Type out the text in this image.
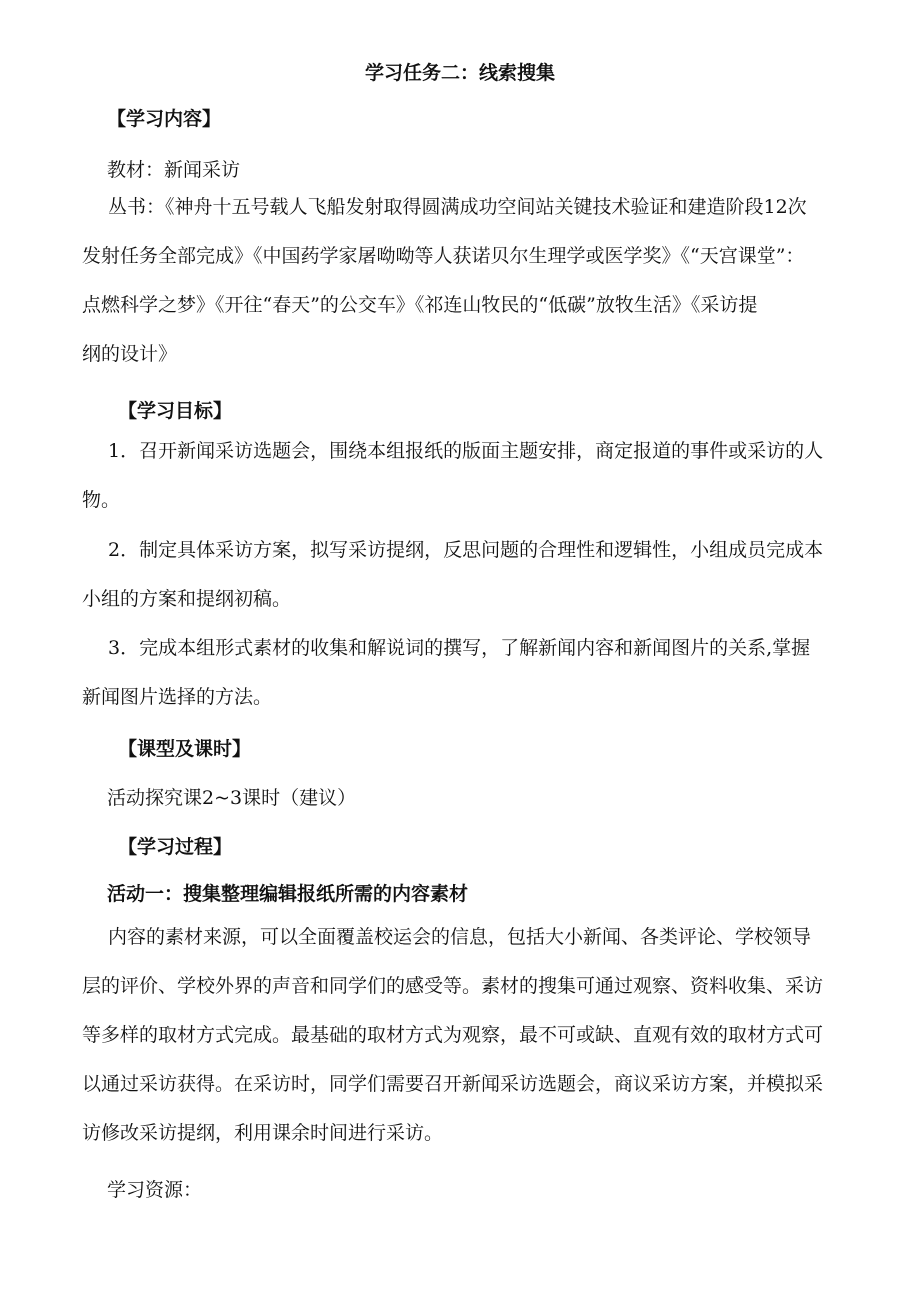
学习任务二：线索搜集
【学习内容】
教材：新闻采访
丛书：《神舟十五号载人飞船发射取得圆满成功空间站关键技术验证和建造阶段12次
发射任务全部完成》《中国药学家屠呦呦等人获诺贝尔生理学或医学奖》《“天宫课堂”：
点燃科学之梦》《开往“春天”的公交车》《祁连山牧民的“低碳”放牧生活》《采访提
纲的设计》
【学习目标】
1．召开新闻采访选题会，围绕本组报纸的版面主题安排，商定报道的事件或采访的人
物。
2．制定具体采访方案，拟写采访提纲，反思问题的合理性和逻辑性，小组成员完成本
小组的方案和提纲初稿。
3．完成本组形式素材的收集和解说词的撰写，了解新闻内容和新闻图片的关系,掌握
新闻图片选择的方法。
【课型及课时】
活动探究课2~3课时（建议）
【学习过程】
活动一：搜集整理编辑报纸所需的内容素材
内容的素材来源，可以全面覆盖校运会的信息，包括大小新闻、各类评论、学校领导
层的评价、学校外界的声音和同学们的感受等。素材的搜集可通过观察、资料收集、采访
等多样的取材方式完成。最基础的取材方式为观察，最不可或缺、直观有效的取材方式可
以通过采访获得。在采访时，同学们需要召开新闻采访选题会，商议采访方案，并模拟采
访修改采访提纲，利用课余时间进行采访。
学习资源：
